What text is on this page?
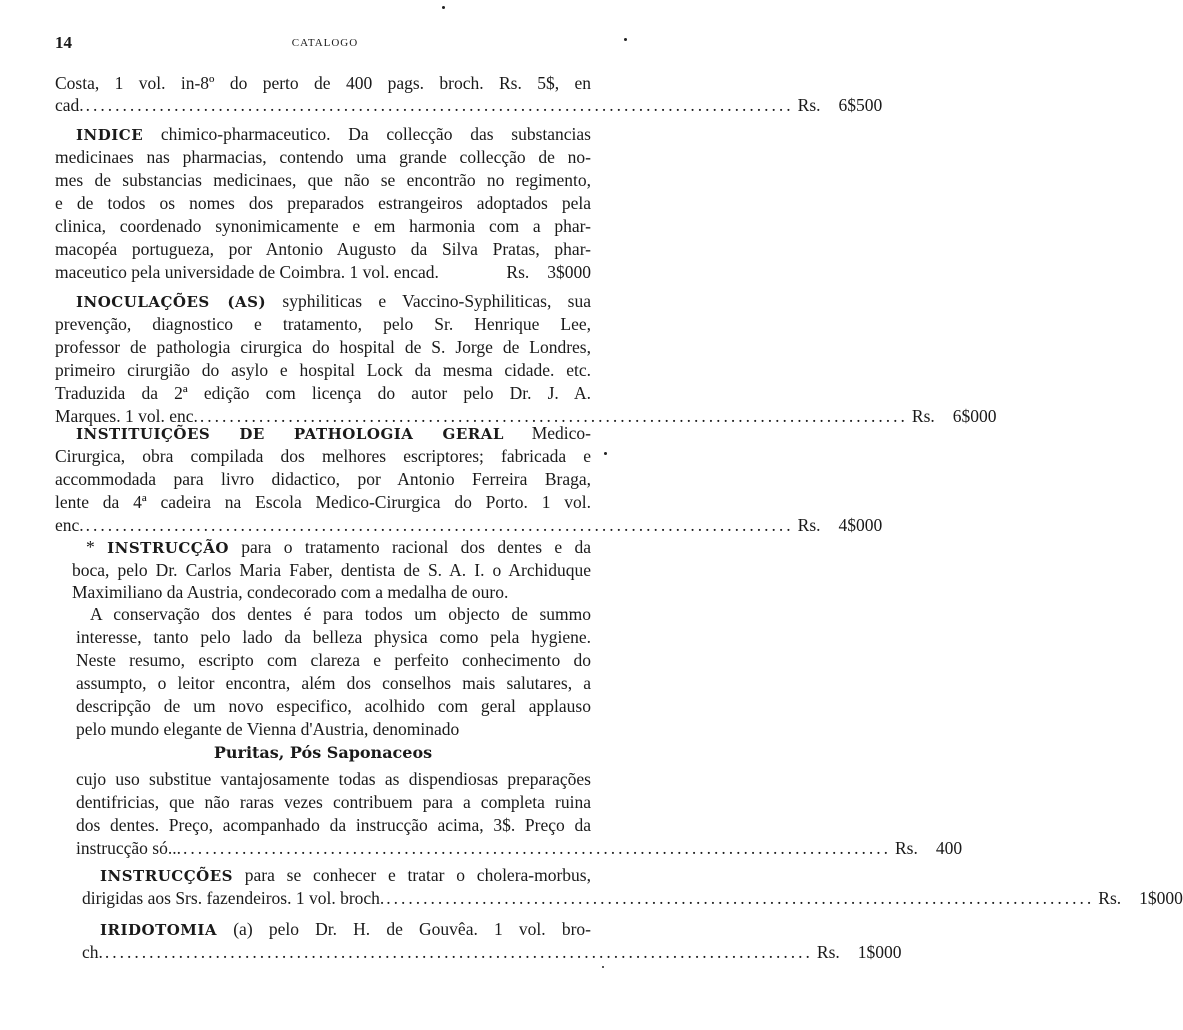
14	CATALOGO
Costa, 1 vol. in-8º do perto de 400 pags. broch. Rs. 5$, en
cad. ................................................................................................ Rs. 6$500
INDICE chimico-pharmaceutico. Da collecção das substancias
medicinaes nas pharmacias, contendo uma grande collecção de no-
mes de substancias medicinaes, que não se encontrão no regimento,
e de todos os nomes dos preparados estrangeiros adoptados pela
clinica, coordenado synonimicamente e em harmonia com a phar-
macopéa portugueza, por Antonio Augusto da Silva Pratas, phar-
maceutico pela universidade de Coimbra. 1 vol. encad.	Rs. 3$000
INOCULAÇÕES (AS) syphiliticas e Vaccino-Syphiliticas, sua
prevenção, diagnostico e tratamento, pelo Sr. Henrique Lee,
professor de pathologia cirurgica do hospital de S. Jorge de Londres,
primeiro cirurgião do asylo e hospital Lock da mesma cidade. etc.
Traduzida da 2ª edição com licença do autor pelo Dr. J. A.
Marques. 1 vol. enc. ................................................................................................ Rs. 6$000
INSTITUIÇÕES DE PATHOLOGIA GERAL Medico-
Cirurgica, obra compilada dos melhores escriptores; fabricada e
accommodada para livro didactico, por Antonio Ferreira Braga,
lente da 4ª cadeira na Escola Medico-Cirurgica do Porto. 1 vol.
enc. ................................................................................................ Rs. 4$000
* INSTRUCÇÃO para o tratamento racional dos dentes e da
boca, pelo Dr. Carlos Maria Faber, dentista de S. A. I. o Archiduque
Maximiliano da Austria, condecorado com a medalha de ouro.
A conservação dos dentes é para todos um objecto de summo
interesse, tanto pelo lado da belleza physica como pela hygiene.
Neste resumo, escripto com clareza e perfeito conhecimento do
assumpto, o leitor encontra, além dos conselhos mais salutares, a
descripção de um novo especifico, acolhido com geral applauso
pelo mundo elegante de Vienna d'Austria, denominado
Puritas, Pós Saponaceos
cujo uso substitue vantajosamente todas as dispendiosas preparações
dentifricias, que não raras vezes contribuem para a completa ruina
dos dentes. Preço, acompanhado da instrucção acima, 3$. Preço da
instrucção só... ................................................................................................ Rs. 400
INSTRUCÇÕES para se conhecer e tratar o cholera-morbus,
dirigidas aos Srs. fazendeiros. 1 vol. broch. ................................................................................................ Rs. 1$000
IRIDOTOMIA (a) pelo Dr. H. de Gouvêa. 1 vol. bro-
ch. ................................................................................................ Rs. 1$000
